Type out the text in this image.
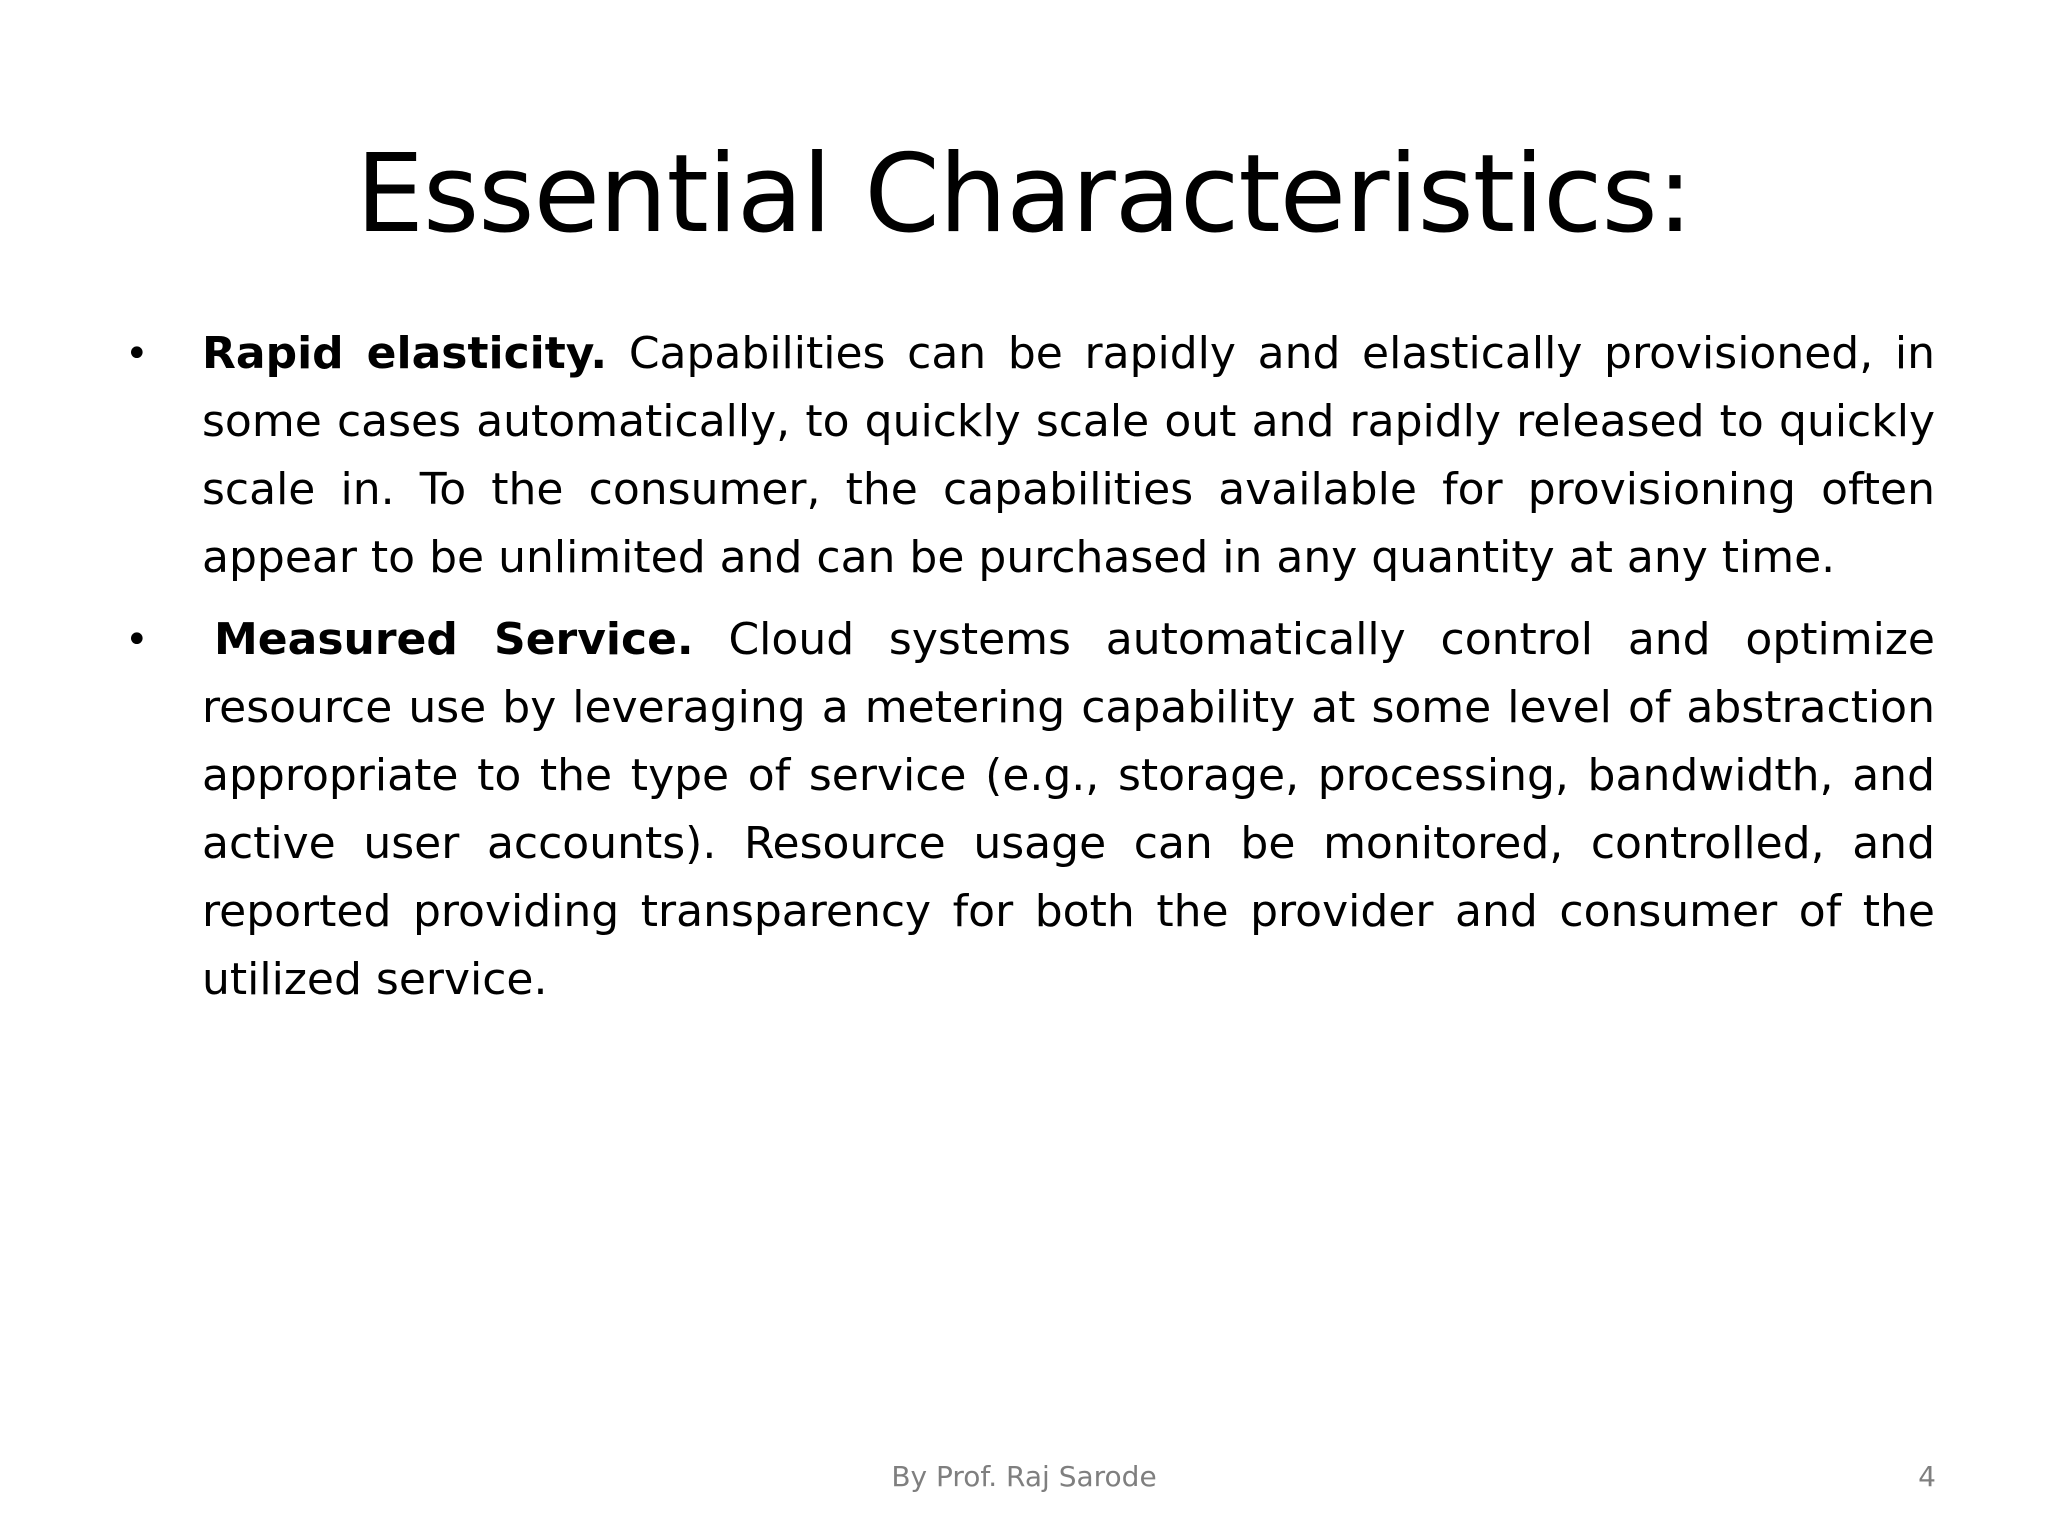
Essential Characteristics:
• Rapid elasticity. Capabilities can be rapidly and elastically provisioned, in some cases automatically, to quickly scale out and rapidly released to quickly scale in. To the consumer, the capabilities available for provisioning often appear to be unlimited and can be purchased in any quantity at any time.
• Measured Service. Cloud systems automatically control and optimize resource use by leveraging a metering capability at some level of abstraction appropriate to the type of service (e.g., storage, processing, bandwidth, and active user accounts). Resource usage can be monitored, controlled, and reported providing transparency for both the provider and consumer of the utilized service.
By Prof. Raj Sarode	4
